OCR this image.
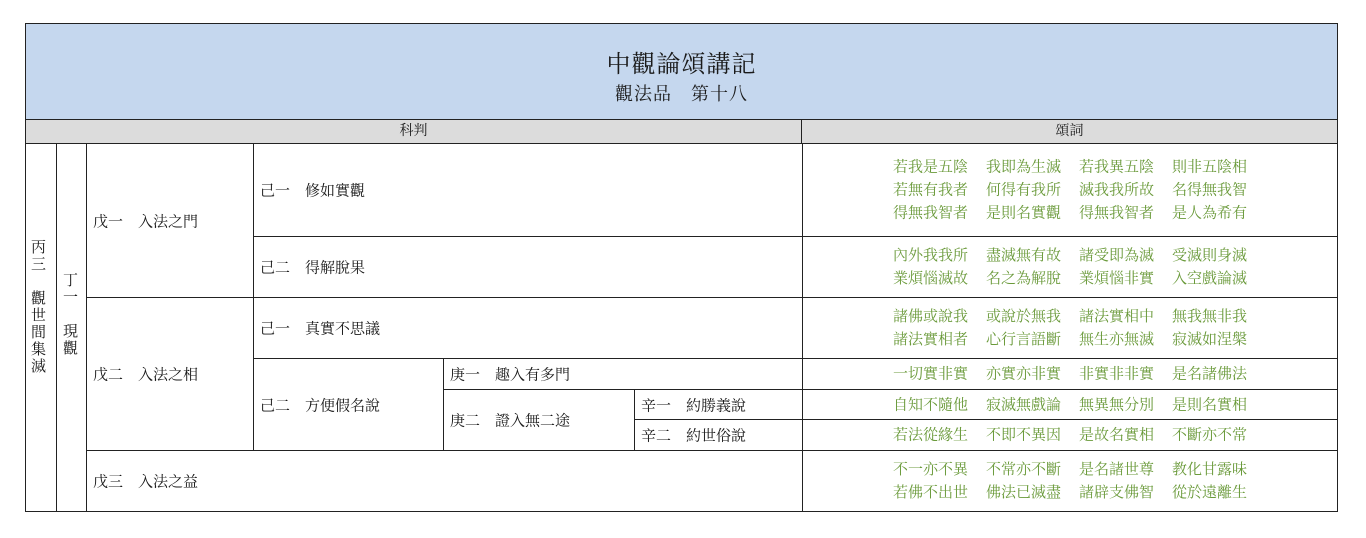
中觀論頌講記
觀法品　第十八
科判	頌詞
丙三　觀世間集滅 丁一　現觀
戊一　入法之門
戊二　入法之相
戊三　入法之益
己一　修如實觀
己二　得解脫果
己一　真實不思議
己二　方便假名說
庚一　趣入有多門
庚二　證入無二途
辛一　約勝義說
辛二　約世俗說
若我是五陰 我即為生滅 若我異五陰 則非五陰相
若無有我者 何得有我所 滅我我所故 名得無我智
得無我智者 是則名實觀 得無我智者 是人為希有
內外我我所 盡滅無有故 諸受即為滅 受滅則身滅
業煩惱滅故 名之為解脫 業煩惱非實 入空戲論滅
諸佛或說我 或說於無我 諸法實相中 無我無非我
諸法實相者 心行言語斷 無生亦無滅 寂滅如涅槃
一切實非實 亦實亦非實 非實非非實 是名諸佛法
自知不隨他 寂滅無戲論 無異無分別 是則名實相
若法從緣生 不即不異因 是故名實相 不斷亦不常
不一亦不異 不常亦不斷 是名諸世尊 教化甘露味
若佛不出世 佛法已滅盡 諸辟支佛智 從於遠離生
